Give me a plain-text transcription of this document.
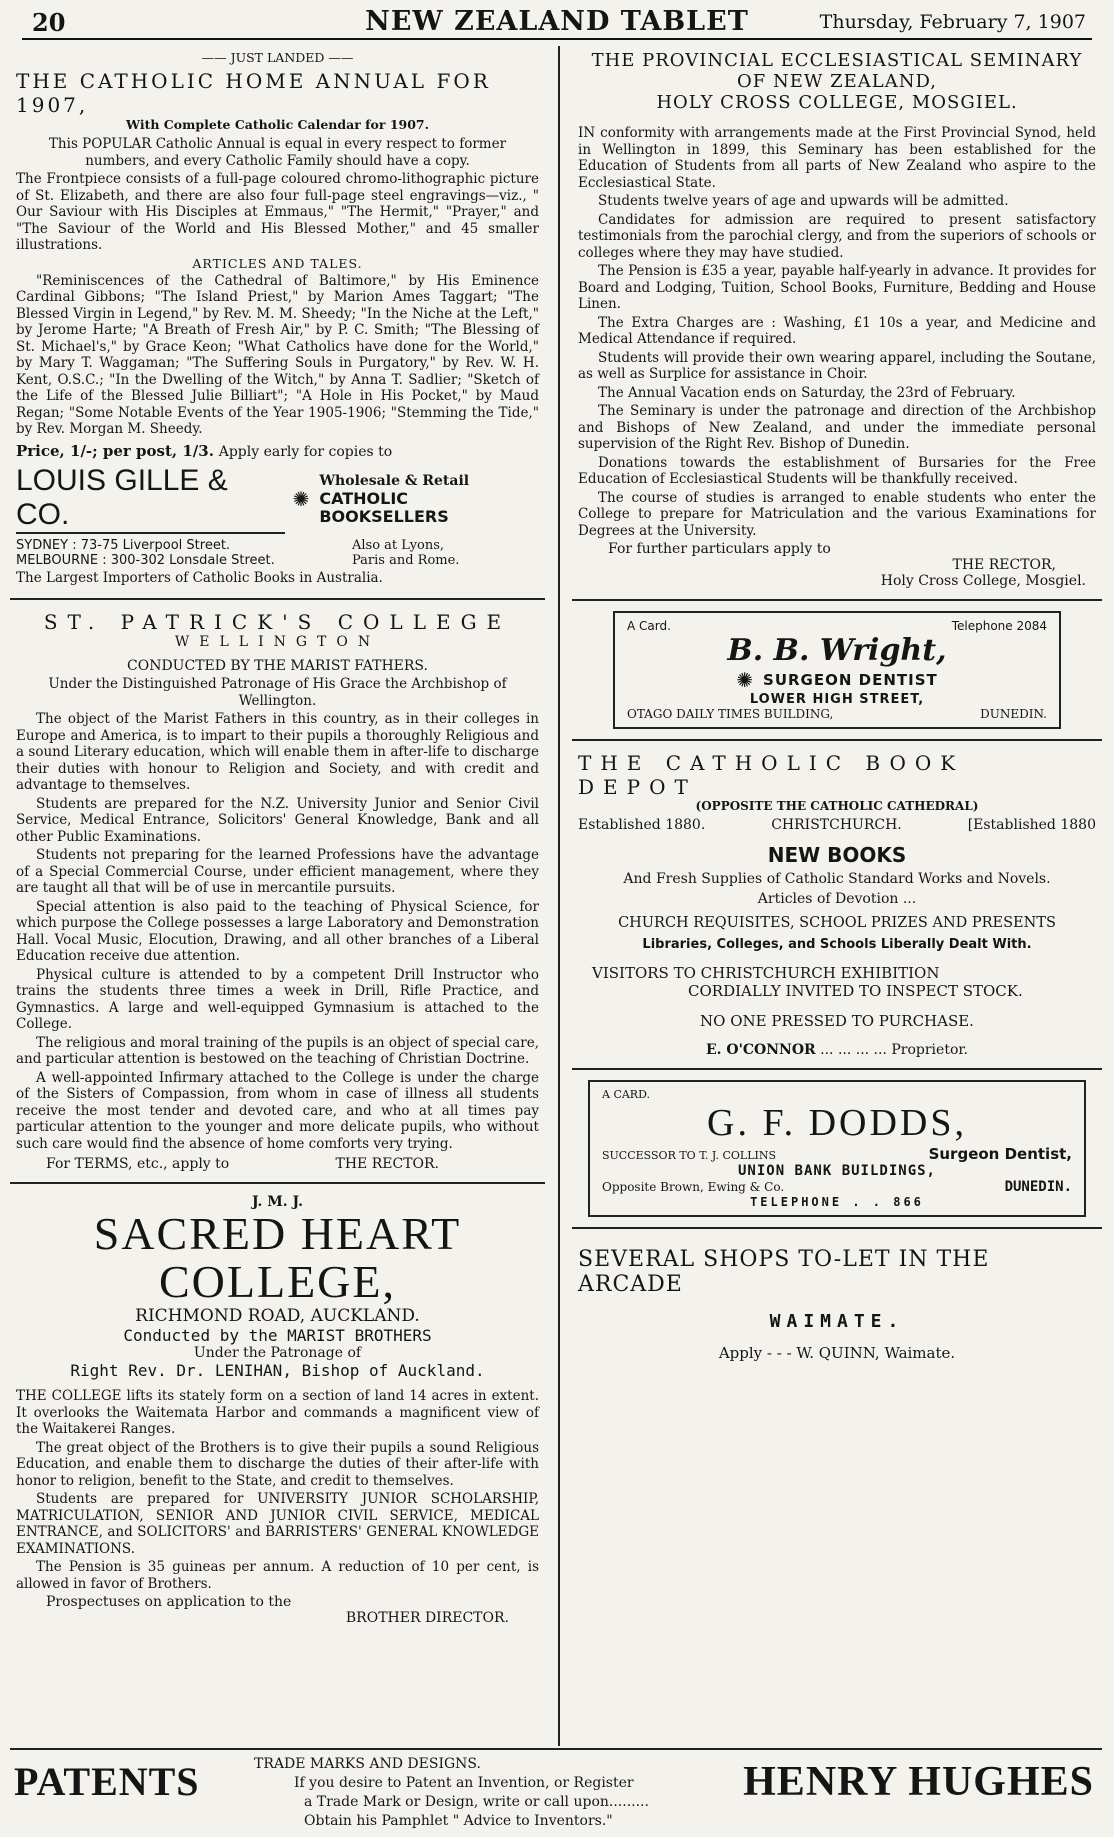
20	NEW ZEALAND TABLET	Thursday, February 7, 1907
—— JUST LANDED ——
THE CATHOLIC HOME ANNUAL FOR 1907,
With Complete Catholic Calendar for 1907.

This POPULAR Catholic Annual is equal in every respect to former numbers, and every Catholic Family should have a copy.

The Frontpiece consists of a full-page coloured chromo-lithographic picture of St. Elizabeth, and there are also four full-page steel engravings—viz., " Our Saviour with His Disciples at Emmaus," "The Hermit," "Prayer," and "The Saviour of the World and His Blessed Mother," and 45 smaller illustrations.

ARTICLES AND TALES.

"Reminiscences of the Cathedral of Baltimore," by His Eminence Cardinal Gibbons; "The Island Priest," by Marion Ames Taggart; "The Blessed Virgin in Legend," by Rev. M. M. Sheedy; "In the Niche at the Left," by Jerome Harte; "A Breath of Fresh Air," by P. C. Smith; "The Blessing of St. Michael's," by Grace Keon; "What Catholics have done for the World," by Mary T. Waggaman; "The Suffering Souls in Purgatory," by Rev. W. H. Kent, O.S.C.; "In the Dwelling of the Witch," by Anna T. Sadlier; "Sketch of the Life of the Blessed Julie Billiart"; "A Hole in His Pocket," by Maud Regan; "Some Notable Events of the Year 1905-1906; "Stemming the Tide," by Rev. Morgan M. Sheedy.

Price, 1/-; per post, 1/3. Apply early for copies to
LOUIS GILLE & CO.	✺
Wholesale & Retail
CATHOLIC BOOKSELLERS
SYDNEY : 73-75 Liverpool Street.
MELBOURNE : 300-302 Lonsdale Street.
Also at Lyons,
Paris and Rome.

The Largest Importers of Catholic Books in Australia.

ST. PATRICK'S COLLEGE
WELLINGTON
CONDUCTED BY THE MARIST FATHERS.

Under the Distinguished Patronage of His Grace the Archbishop of Wellington.

The object of the Marist Fathers in this country, as in their colleges in Europe and America, is to impart to their pupils a thoroughly Religious and a sound Literary education, which will enable them in after-life to discharge their duties with honour to Religion and Society, and with credit and advantage to themselves.

Students are prepared for the N.Z. University Junior and Senior Civil Service, Medical Entrance, Solicitors' General Knowledge, Bank and all other Public Examinations.

Students not preparing for the learned Professions have the advantage of a Special Commercial Course, under efficient management, where they are taught all that will be of use in mercantile pursuits.

Special attention is also paid to the teaching of Physical Science, for which purpose the College possesses a large Laboratory and Demonstration Hall. Vocal Music, Elocution, Drawing, and all other branches of a Liberal Education receive due attention.

Physical culture is attended to by a competent Drill Instructor who trains the students three times a week in Drill, Rifle Practice, and Gymnastics. A large and well-equipped Gymnasium is attached to the College.

The religious and moral training of the pupils is an object of special care, and particular attention is bestowed on the teaching of Christian Doctrine.

A well-appointed Infirmary attached to the College is under the charge of the Sisters of Compassion, from whom in case of illness all students receive the most tender and devoted care, and who at all times pay particular attention to the younger and more delicate pupils, who without such care would find the absence of home comforts very trying.

For TERMS, etc., apply to	THE RECTOR.
J. M. J.
SACRED HEART COLLEGE,
RICHMOND ROAD, AUCKLAND.
Conducted by the MARIST BROTHERS
Under the Patronage of
Right Rev. Dr. LENIHAN, Bishop of Auckland.

THE COLLEGE lifts its stately form on a section of land 14 acres in extent. It overlooks the Waitemata Harbor and commands a magnificent view of the Waitakerei Ranges.

The great object of the Brothers is to give their pupils a sound Religious Education, and enable them to discharge the duties of their after-life with honor to religion, benefit to the State, and credit to themselves.

Students are prepared for UNIVERSITY JUNIOR SCHOLARSHIP, MATRICULATION, SENIOR AND JUNIOR CIVIL SERVICE, MEDICAL ENTRANCE, and SOLICITORS' and BARRISTERS' GENERAL KNOWLEDGE EXAMINATIONS.

The Pension is 35 guineas per annum. A reduction of 10 per cent, is allowed in favor of Brothers.

Prospectuses on application to the
BROTHER DIRECTOR.
THE PROVINCIAL ECCLESIASTICAL SEMINARY
OF NEW ZEALAND,
HOLY CROSS COLLEGE, MOSGIEL.

IN conformity with arrangements made at the First Provincial Synod, held in Wellington in 1899, this Seminary has been established for the Education of Students from all parts of New Zealand who aspire to the Ecclesiastical State.

Students twelve years of age and upwards will be admitted.

Candidates for admission are required to present satisfactory testimonials from the parochial clergy, and from the superiors of schools or colleges where they may have studied.

The Pension is £35 a year, payable half-yearly in advance. It provides for Board and Lodging, Tuition, School Books, Furniture, Bedding and House Linen.

The Extra Charges are : Washing, £1 10s a year, and Medicine and Medical Attendance if required.

Students will provide their own wearing apparel, including the Soutane, as well as Surplice for assistance in Choir.

The Annual Vacation ends on Saturday, the 23rd of February.

The Seminary is under the patronage and direction of the Archbishop and Bishops of New Zealand, and under the immediate personal supervision of the Right Rev. Bishop of Dunedin.

Donations towards the establishment of Bursaries for the Free Education of Ecclesiastical Students will be thankfully received.

The course of studies is arranged to enable students who enter the College to prepare for Matriculation and the various Examinations for Degrees at the University.

For further particulars apply to
THE RECTOR,
Holy Cross College, Mosgiel.
A Card.	Telephone 2084
B. B. Wright,
✺ SURGEON DENTIST
LOWER HIGH STREET,
OTAGO DAILY TIMES BUILDING,	DUNEDIN.
THE CATHOLIC BOOK DEPOT
(OPPOSITE THE CATHOLIC CATHEDRAL)
Established 1880.	CHRISTCHURCH.	[Established 1880
NEW BOOKS
And Fresh Supplies of Catholic Standard Works and Novels.
Articles of Devotion ...
CHURCH REQUISITES, SCHOOL PRIZES AND PRESENTS
Libraries, Colleges, and Schools Liberally Dealt With.
VISITORS TO CHRISTCHURCH EXHIBITION
CORDIALLY INVITED TO INSPECT STOCK.
NO ONE PRESSED TO PURCHASE.
E. O'CONNOR ... ... ... ... Proprietor.
A CARD.
G. F. DODDS,
SUCCESSOR TO T. J. COLLINS	Surgeon Dentist,
UNION BANK BUILDINGS,
Opposite Brown, Ewing & Co.	DUNEDIN.
TELEPHONE . . 866
SEVERAL SHOPS TO-LET IN THE ARCADE
WAIMATE.
Apply - - - W. QUINN, Waimate.
PATENTS	TRADE MARKS AND DESIGNS.

If you desire to Patent an Invention, or Register

a Trade Mark or Design, write or call upon.........

Obtain his Pamphlet " Advice to Inventors."

HENRY HUGHES
